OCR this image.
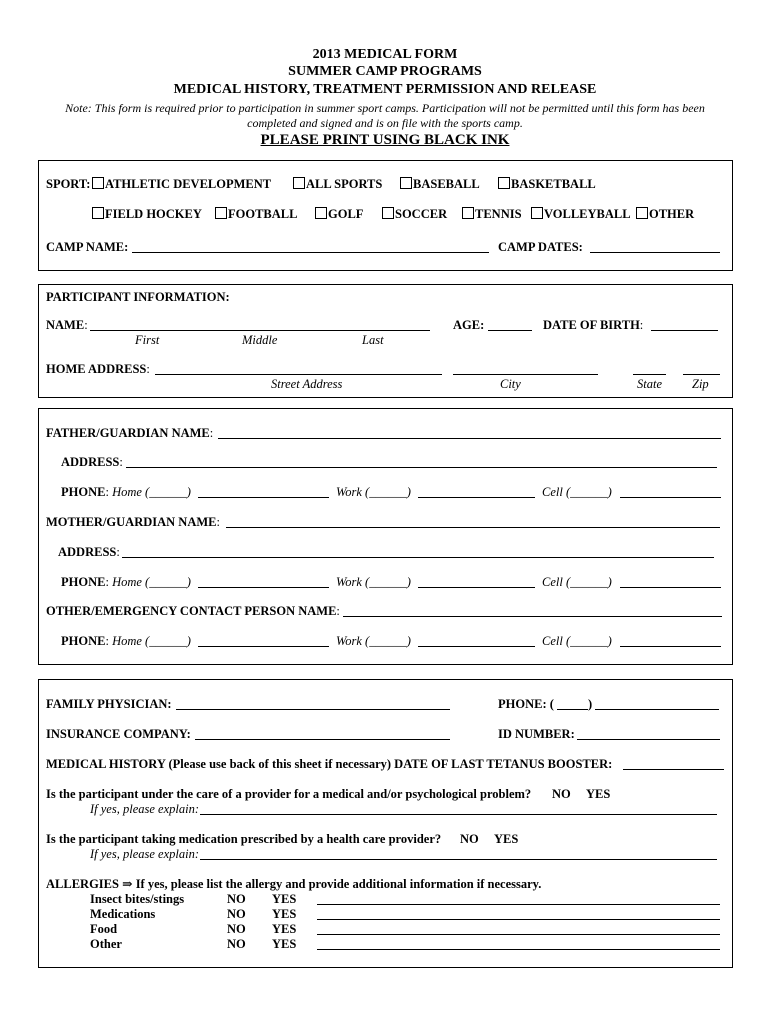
2013 MEDICAL FORM
SUMMER CAMP PROGRAMS
MEDICAL HISTORY, TREATMENT PERMISSION AND RELEASE
Note: This form is required prior to participation in summer sport camps. Participation will not be permitted until this form has been
completed and signed and is on file with the sports camp.
PLEASE PRINT USING BLACK INK
SPORT:	ATHLETIC DEVELOPMENT	ALL SPORTS	BASEBALL	BASKETBALL
FIELD HOCKEY	FOOTBALL	GOLF	SOCCER	TENNIS	VOLLEYBALL	OTHER
CAMP NAME:	CAMP DATES:
PARTICIPANT INFORMATION:
NAME:	AGE:	DATE OF BIRTH:
First	Middle	Last
HOME ADDRESS:
Street Address	City	State Zip
FATHER/GUARDIAN NAME:
ADDRESS:
PHONE: Home (______)	Work (______)	Cell (______)
MOTHER/GUARDIAN NAME:
ADDRESS:
PHONE: Home (______)	Work (______)	Cell (______)
OTHER/EMERGENCY CONTACT PERSON NAME:
PHONE: Home (______)	Work (______)	Cell (______)
FAMILY PHYSICIAN:	PHONE: (	)
INSURANCE COMPANY:	ID NUMBER:
MEDICAL HISTORY (Please use back of this sheet if necessary) DATE OF LAST TETANUS BOOSTER:
Is the participant under the care of a provider for a medical and/or psychological problem? NO YES
If yes, please explain:
Is the participant taking medication prescribed by a health care provider? NO YES
If yes, please explain:
ALLERGIES ⇒ If yes, please list the allergy and provide additional information if necessary.
Insect bites/stings	NO YES
Medications	NO YES
Food	NO YES
Other	NO YES
